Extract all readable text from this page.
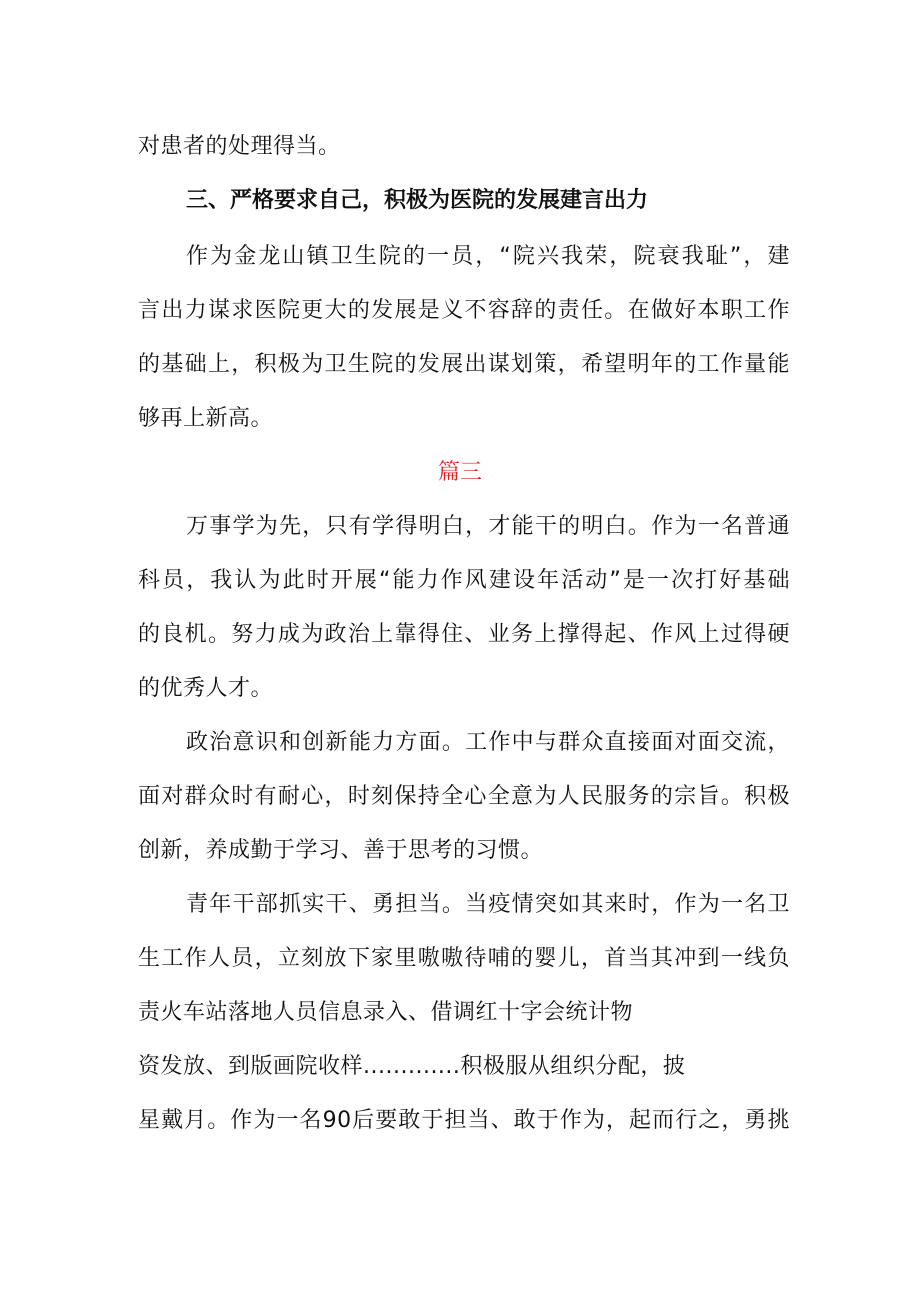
对患者的处理得当。
三、严格要求自己，积极为医院的发展建言出力
作为金龙山镇卫生院的一员，“院兴我荣，院衰我耻”，建
言出力谋求医院更大的发展是义不容辞的责任。在做好本职工作
的基础上，积极为卫生院的发展出谋划策，希望明年的工作量能
够再上新高。
篇三
万事学为先，只有学得明白，才能干的明白。作为一名普通
科员，我认为此时开展“能力作风建设年活动”是一次打好基础
的良机。努力成为政治上靠得住、业务上撑得起、作风上过得硬
的优秀人才。
政治意识和创新能力方面。工作中与群众直接面对面交流，
面对群众时有耐心，时刻保持全心全意为人民服务的宗旨。积极
创新，养成勤于学习、善于思考的习惯。
青年干部抓实干、勇担当。当疫情突如其来时，作为一名卫
生工作人员，立刻放下家里嗷嗷待哺的婴儿，首当其冲到一线负
责火车站落地人员信息录入、借调红十字会统计物
资发放、到版画院收样.............积极服从组织分配，披
星戴月。作为一名90后要敢于担当、敢于作为，起而行之，勇挑
